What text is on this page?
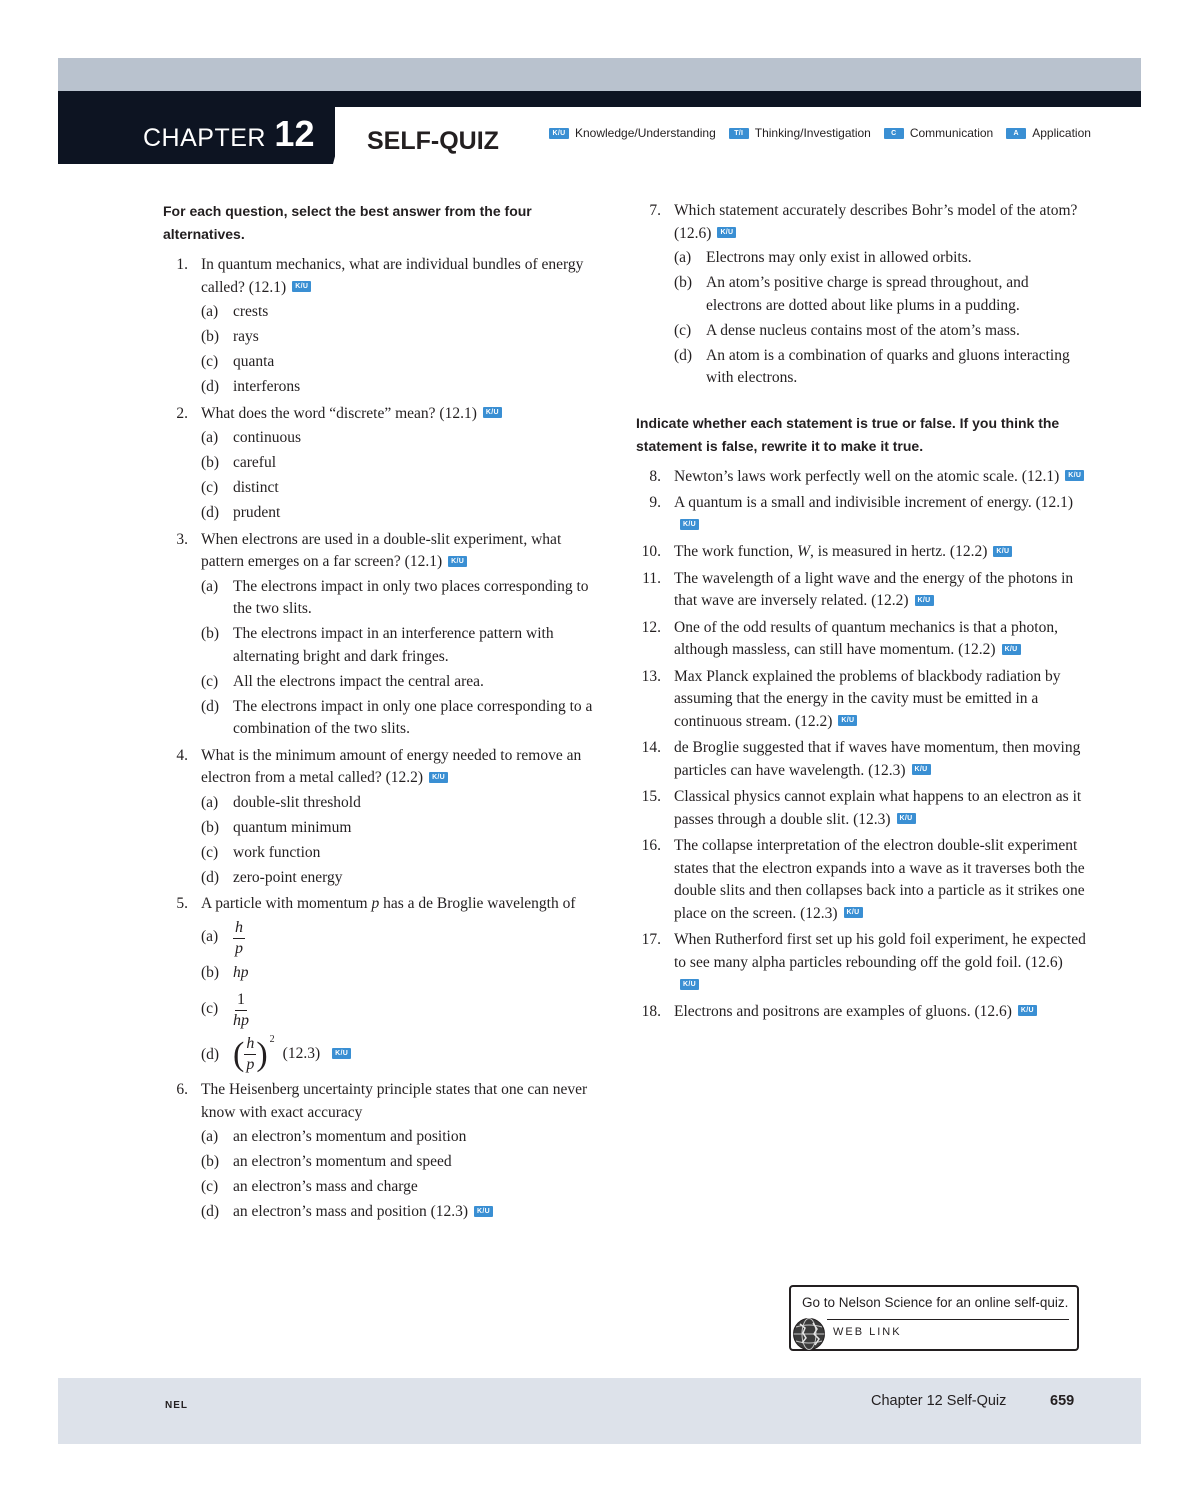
CHAPTER 12 SELF-QUIZ	K/U Knowledge/Understanding	T/I Thinking/Investigation	C	Communication	A	Application

For each question, select the best answer from the four alternatives.

1. In quantum mechanics, what are individual bundles of energy called? (12.1) K/U
(a) crests
(b) rays
(c) quanta
(d) interferons
2. What does the word “discrete” mean? (12.1) K/U
(a) continuous
(b) careful
(c) distinct
(d) prudent
3. When electrons are used in a double-slit experiment, what pattern emerges on a far screen? (12.1) K/U
(a) The electrons impact in only two places corresponding to the two slits.
(b) The electrons impact in an interference pattern with alternating bright and dark fringes.
(c) All the electrons impact the central area.
(d) The electrons impact in only one place corresponding to a combination of the two slits.
4. What is the minimum amount of energy needed to remove an electron from a metal called? (12.2) K/U
(a) double-slit threshold
(b) quantum minimum
(c) work function
(d) zero-point energy
5. A particle with momentum p has a de Broglie wavelength of
$(a) \frac{h}{p}$
(b) hp
$(c) \frac{1}{hp}$
(d) ( $\frac{h}{p}$ ) 2
(12.3)	K/U
6. The Heisenberg uncertainty principle states that one can never know with exact accuracy
(a) an electron’s momentum and position
(b) an electron’s momentum and speed
(c) an electron’s mass and charge
(d) an electron’s mass and position (12.3) K/U
7. Which statement accurately describes Bohr’s model of the atom? (12.6) K/U
(a) Electrons may only exist in allowed orbits.
(b) An atom’s positive charge is spread throughout, and electrons are dotted about like plums in a pudding.
(c) A dense nucleus contains most of the atom’s mass.
(d) An atom is a combination of quarks and gluons interacting with electrons.

Indicate whether each statement is true or false. If you think the statement is false, rewrite it to make it true.

8. Newton’s laws work perfectly well on the atomic scale. (12.1) K/U
9. A quantum is a small and indivisible increment of energy. (12.1)K/U
10. The work function, W, is measured in hertz. (12.2) K/U
11. The wavelength of a light wave and the energy of the photons in that wave are inversely related. (12.2) K/U
12. One of the odd results of quantum mechanics is that a photon, although massless, can still have momentum. (12.2) K/U
13. Max Planck explained the problems of blackbody radiation by assuming that the energy in the cavity must be emitted in a continuous stream. (12.2) K/U
14. de Broglie suggested that if waves have momentum, then moving particles can have wavelength. (12.3) K/U
15. Classical physics cannot explain what happens to an electron as it passes through a double slit. (12.3) K/U
16. The collapse interpretation of the electron double-slit experiment states that the electron expands into a wave as it traverses both the double slits and then collapses back into a particle as it strikes one place on the screen. (12.3) K/U
17. When Rutherford first set up his gold foil experiment, he expected to see many alpha particles rebounding off the gold foil. (12.6)K/U
18. Electrons and positrons are examples of gluons. (12.6) K/U
Go to Nelson Science for an online self-quiz.
WEB LINK
NEL	Chapter 12 Self-Quiz	659
